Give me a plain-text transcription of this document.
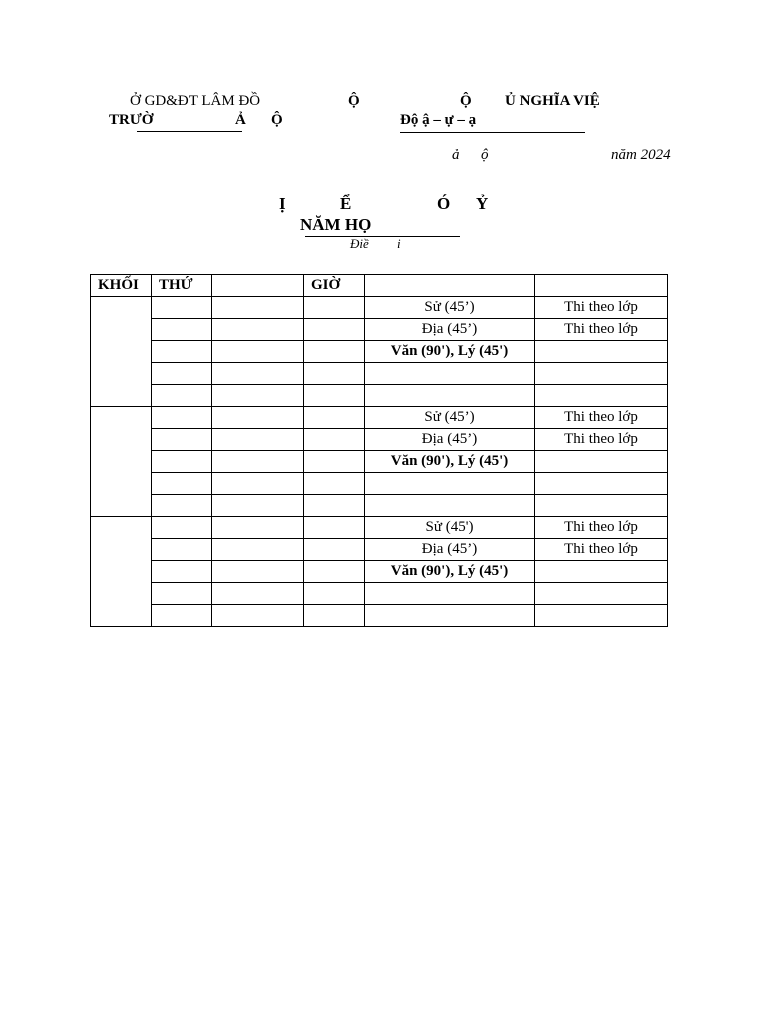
Ở GD&ĐT LÂM ĐỒ	Ộ	Ộ Ủ NGHĨA VIỆ
TRƯỜ	Ả Ộ	Độ ậ – ự – ạ
ả ộ	năm 2024
Ị	Ể	Ó Ỷ
NĂM HỌ
Điề i
KHỐI	THỨ		GIỜ		
				Sử (45’)	Thi theo lớp
				Địa (45’)	Thi theo lớp
				Văn (90'), Lý (45')	

				Sử (45’)	Thi theo lớp
				Địa (45’)	Thi theo lớp
				Văn (90'), Lý (45')	

				Sử (45')	Thi theo lớp
				Địa (45’)	Thi theo lớp
				Văn (90'), Lý (45')	
